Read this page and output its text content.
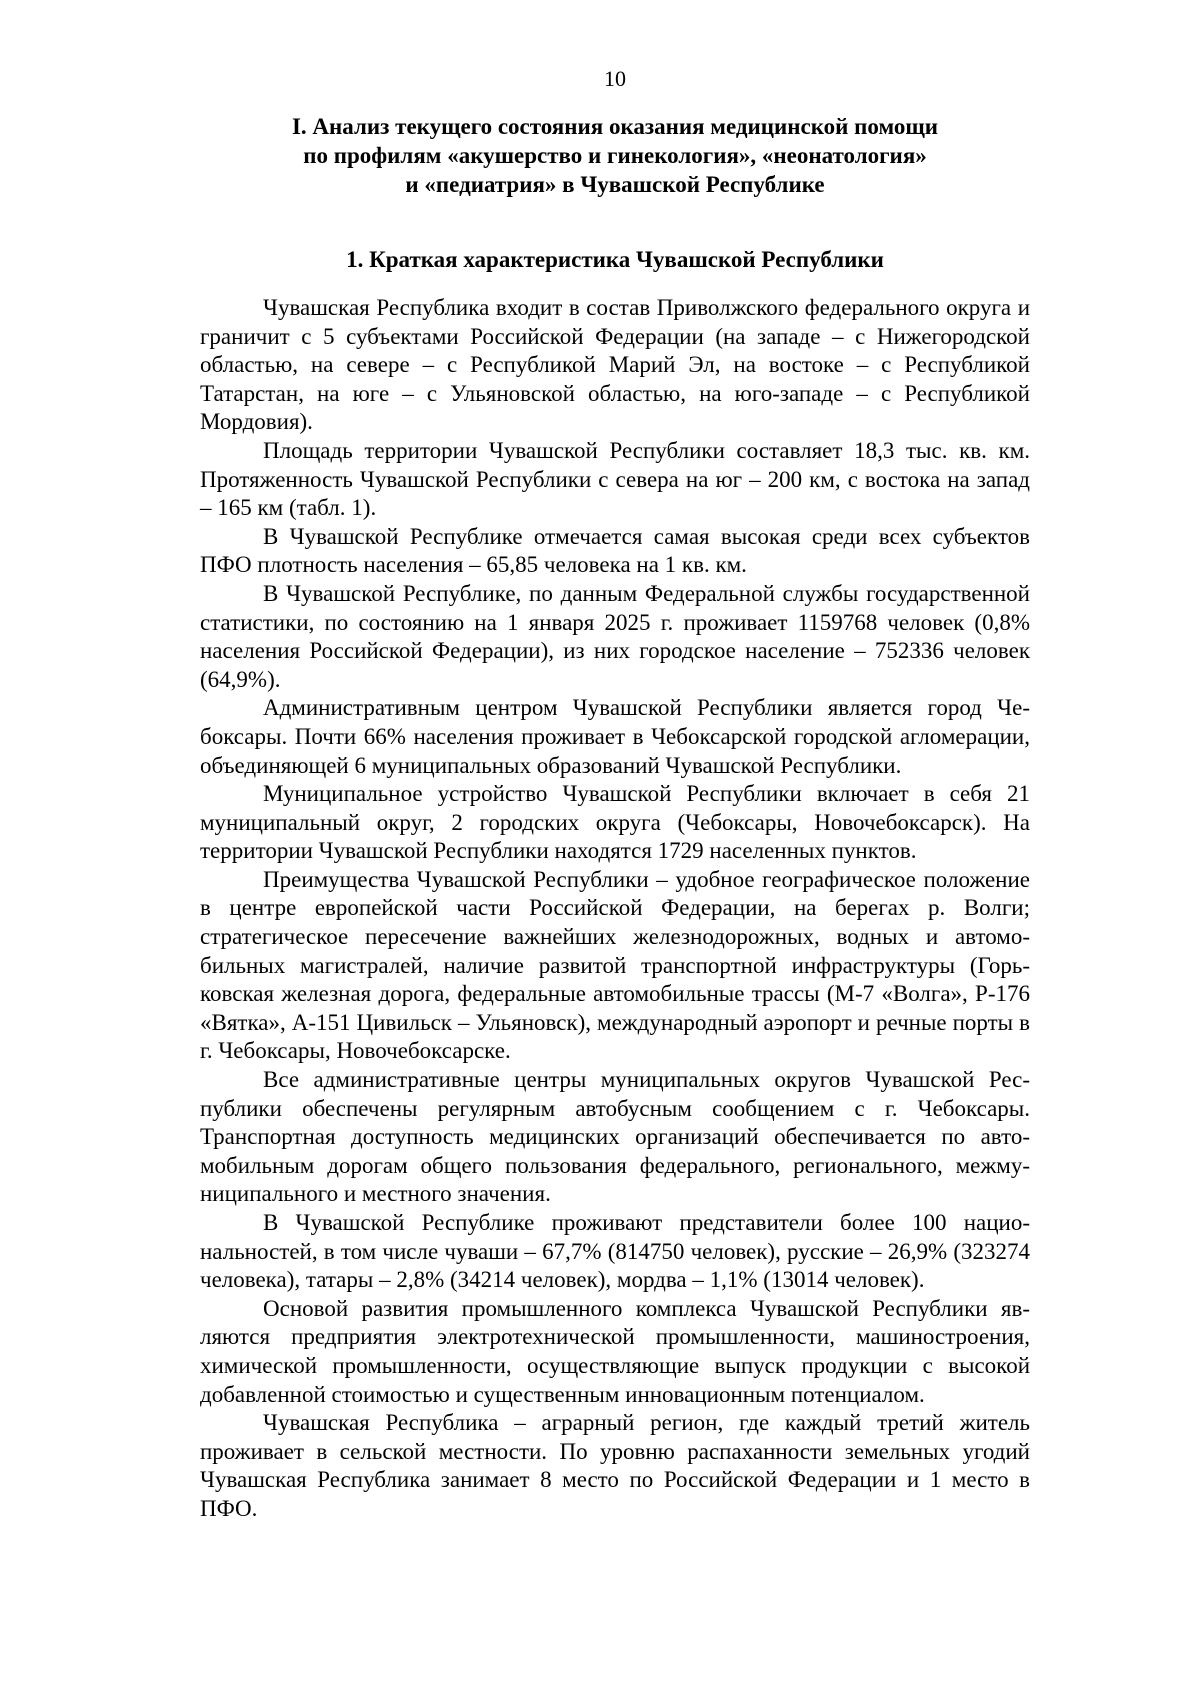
10
I. Анализ текущего состояния оказания медицинской помощи
по профилям «акушерство и гинекология», «неонатология»
и «педиатрия» в Чувашской Республике
1. Краткая характеристика Чувашской Республики

Чувашская Республика входит в состав Приволжского федерального округа и граничит с 5 субъектами Российской Федерации (на западе – с Нижегородской областью, на севере – с Республикой Марий Эл, на востоке – с Республикой Татарстан, на юге – с Ульяновской областью, на юго-западе – с Республикой Мордовия).

Площадь территории Чувашской Республики составляет 18,3 тыс. кв. км. Протяженность Чувашской Республики с севера на юг – 200 км, с востока на запад – 165 км (табл. 1).

В Чувашской Республике отмечается самая высокая среди всех субъектов ПФО плотность населения – 65,85 человека на 1 кв. км.

В Чувашской Республике, по данным Федеральной службы государственной статистики, по состоянию на 1 января 2025 г. проживает 1159768 человек (0,8% населения Российской Федерации), из них городское население – 752336 человек (64,9%).

Административным центром Чувашской Республики является город Чебоксары. Почти 66% населения проживает в Чебоксарской городской агломерации, объединяющей 6 муниципальных образований Чувашской Республики.

Муниципальное устройство Чувашской Республики включает в себя 21 муниципальный округ, 2 городских округа (Чебоксары, Новочебоксарск). На территории Чувашской Республики находятся 1729 населенных пунктов.

Преимущества Чувашской Республики – удобное географическое положение в центре европейской части Российской Федерации, на берегах р. Волги; стратегическое пересечение важнейших железнодорожных, водных и автомобильных магистралей, наличие развитой транспортной инфраструктуры (Горьковская железная дорога, федеральные автомобильные трассы (М-7 «Волга», Р-176 «Вятка», А-151 Цивильск – Ульяновск), международный аэропорт и речные порты в г. Чебоксары, Новочебоксарске.

Все административные центры муниципальных округов Чувашской Республики обеспечены регулярным автобусным сообщением с г. Чебоксары. Транспортная доступность медицинских организаций обеспечивается по автомобильным дорогам общего пользования федерального, регионального, межмуниципального и местного значения.

В Чувашской Республике проживают представители более 100 национальностей, в том числе чуваши – 67,7% (814750 человек), русские – 26,9% (323274 человека), татары – 2,8% (34214 человек), мордва – 1,1% (13014 человек).

Основой развития промышленного комплекса Чувашской Республики являются предприятия электротехнической промышленности, машиностроения, химической промышленности, осуществляющие выпуск продукции с высокой добавленной стоимостью и существенным инновационным потенциалом.

Чувашская Республика – аграрный регион, где каждый третий житель проживает в сельской местности. По уровню распаханности земельных угодий Чувашская Республика занимает 8 место по Российской Федерации и 1 место в ПФО.
